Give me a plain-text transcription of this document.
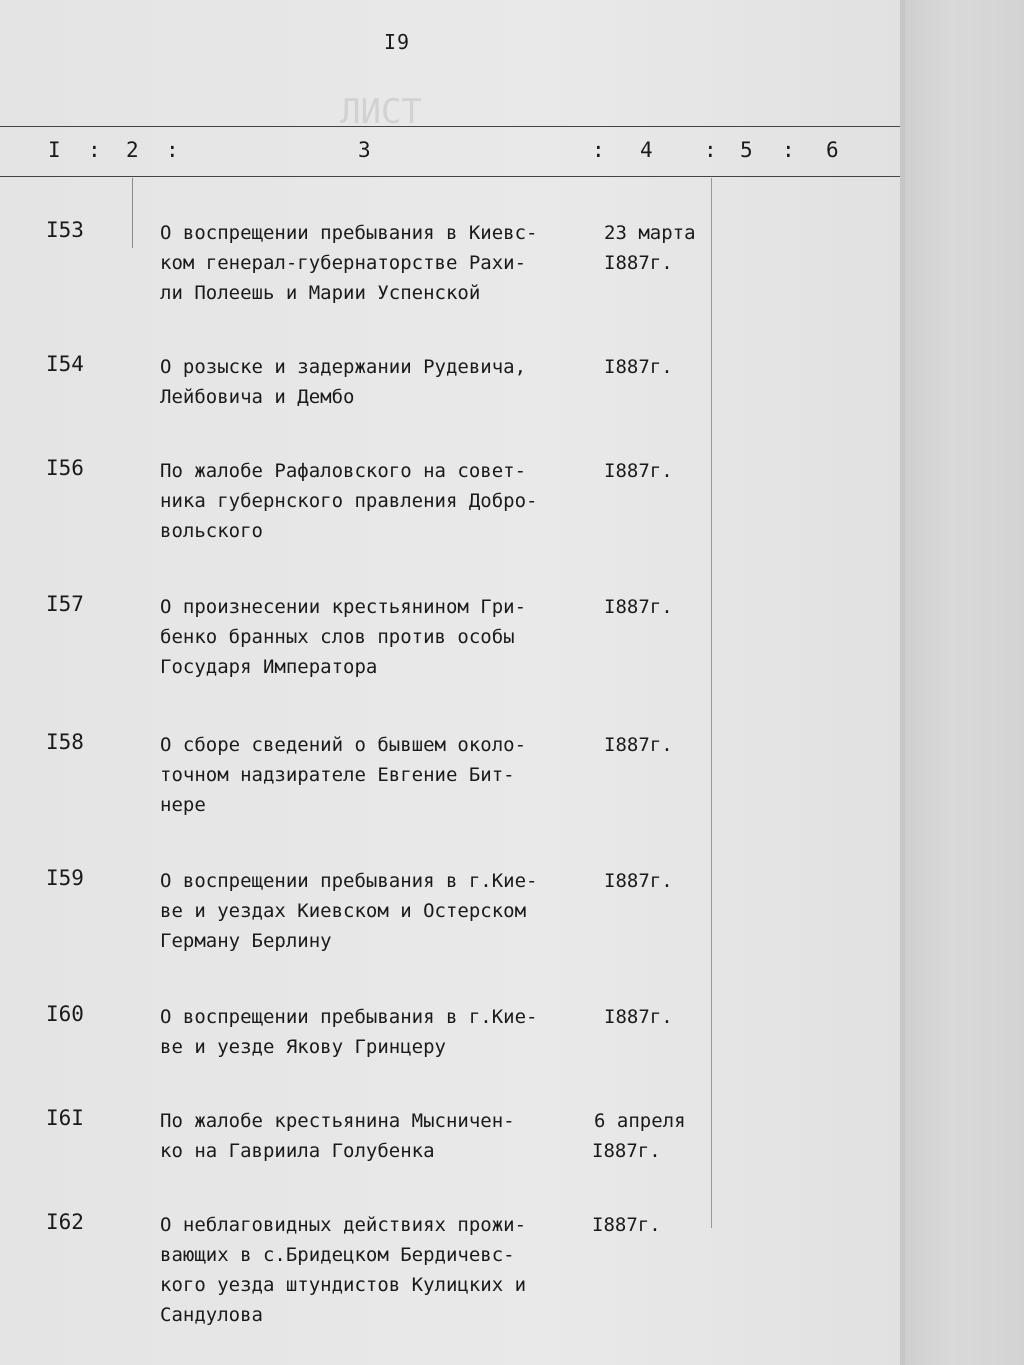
ЛИСТ
I9
I : 2 :	3	: 4 : 5 : 6
I53	О воспрещении пребывания в Киевс-
ком генерал-губернаторстве Рахи-
ли Полеешь и Марии Успенской
23 марта
I887г.
I54	О розыске и задержании Рудевича,
Лейбовича и Дембо
I887г.
I56	По жалобе Рафаловского на совет-
ника губернского правления Добро-
вольского
I887г.
I57	О произнесении крестьянином Гри-
бенко бранных слов против особы
Государя Императора
I887г.
I58	О сборе сведений о бывшем около-
точном надзирателе Евгение Бит-
нере
I887г.
I59	О воспрещении пребывания в г.Кие-
ве и уездах Киевском и Остерском
Герману Берлину
I887г.
I60	О воспрещении пребывания в г.Кие-
ве и уезде Якову Гринцеру
I887г.
I6I	По жалобе крестьянина Мысничен-
ко на Гавриила Голубенка
6 апреля
I887г.
I62	О неблаговидных действиях прожи-
вающих в с.Бридецком Бердичевс-
кого уезда штундистов Кулицких и
Сандулова
I887г.
